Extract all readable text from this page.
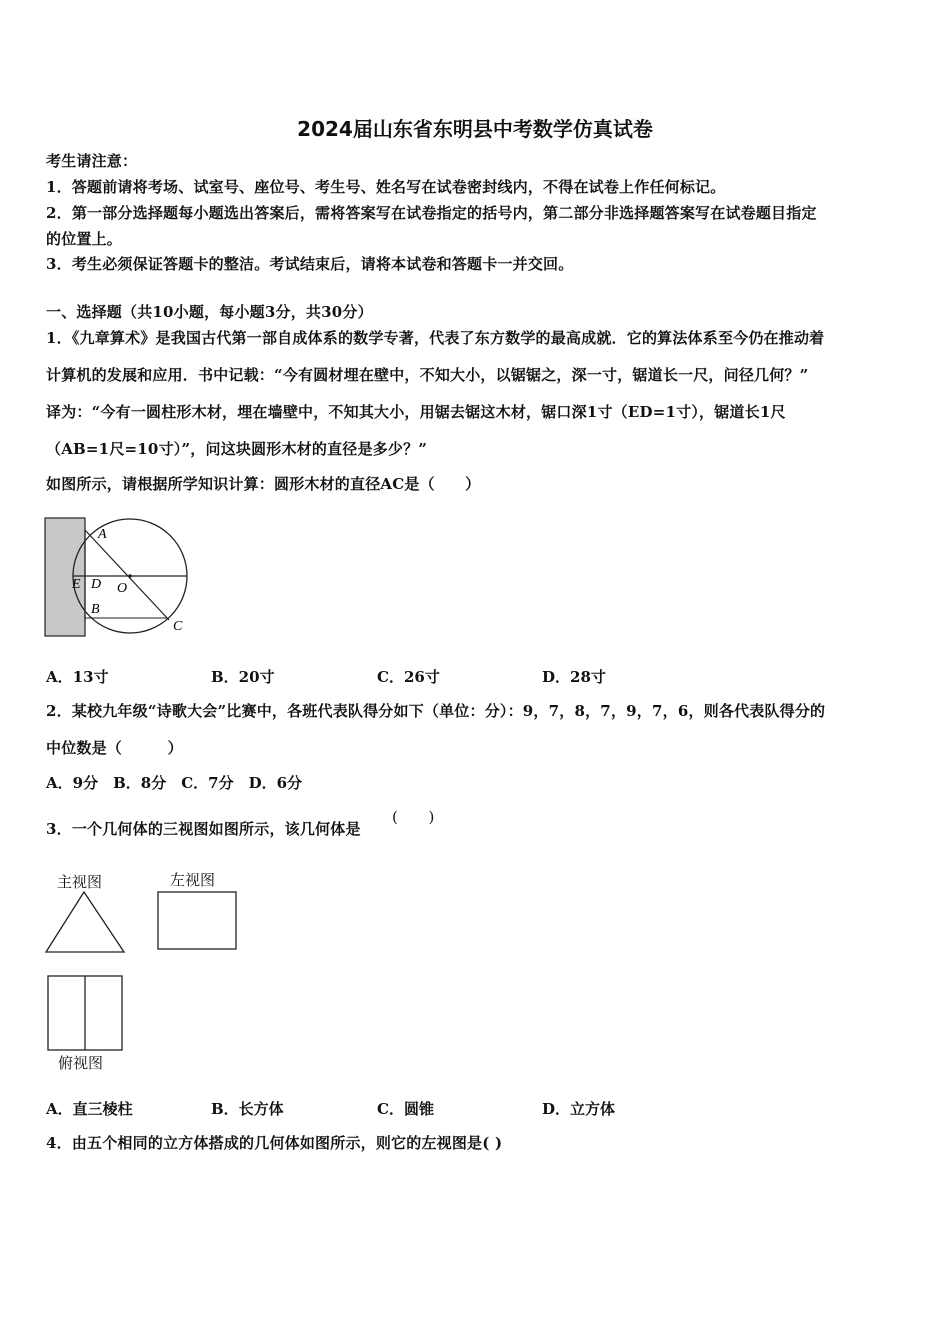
2024届山东省东明县中考数学仿真试卷
考生请注意：
1．答题前请将考场、试室号、座位号、考生号、姓名写在试卷密封线内，不得在试卷上作任何标记。
2．第一部分选择题每小题选出答案后，需将答案写在试卷指定的括号内，第二部分非选择题答案写在试卷题目指定
的位置上。
3．考生必须保证答题卡的整洁。考试结束后，请将本试卷和答题卡一并交回。
一、选择题（共10小题，每小题3分，共30分）
1．《九章算术》是我国古代第一部自成体系的数学专著，代表了东方数学的最高成就．它的算法体系至今仍在推动着
计算机的发展和应用．书中记载：“今有圆材埋在壁中，不知大小，以锯锯之，深一寸，锯道长一尺，问径几何？”
译为：“今有一圆柱形木材，埋在墙壁中，不知其大小，用锯去锯这木材，锯口深1寸（ED=1寸），锯道长1尺
（AB=1尺=10寸）”，问这块圆形木材的直径是多少？”
如图所示，请根据所学知识计算：圆形木材的直径AC是（　　）
A
E D O
B
C
A．13寸	B．20寸	C．26寸	D．28寸
2．某校九年级“诗歌大会”比赛中，各班代表队得分如下（单位：分）：9，7，8，7，9，7，6，则各代表队得分的
中位数是（　　　）
A．9分　B．8分　C．7分　D．6分
3．一个几何体的三视图如图所示，该几何体是
(　　)
主视图	左视图
俯视图
A．直三棱柱	B．长方体	C．圆锥	D．立方体
4．由五个相同的立方体搭成的几何体如图所示，则它的左视图是( )
